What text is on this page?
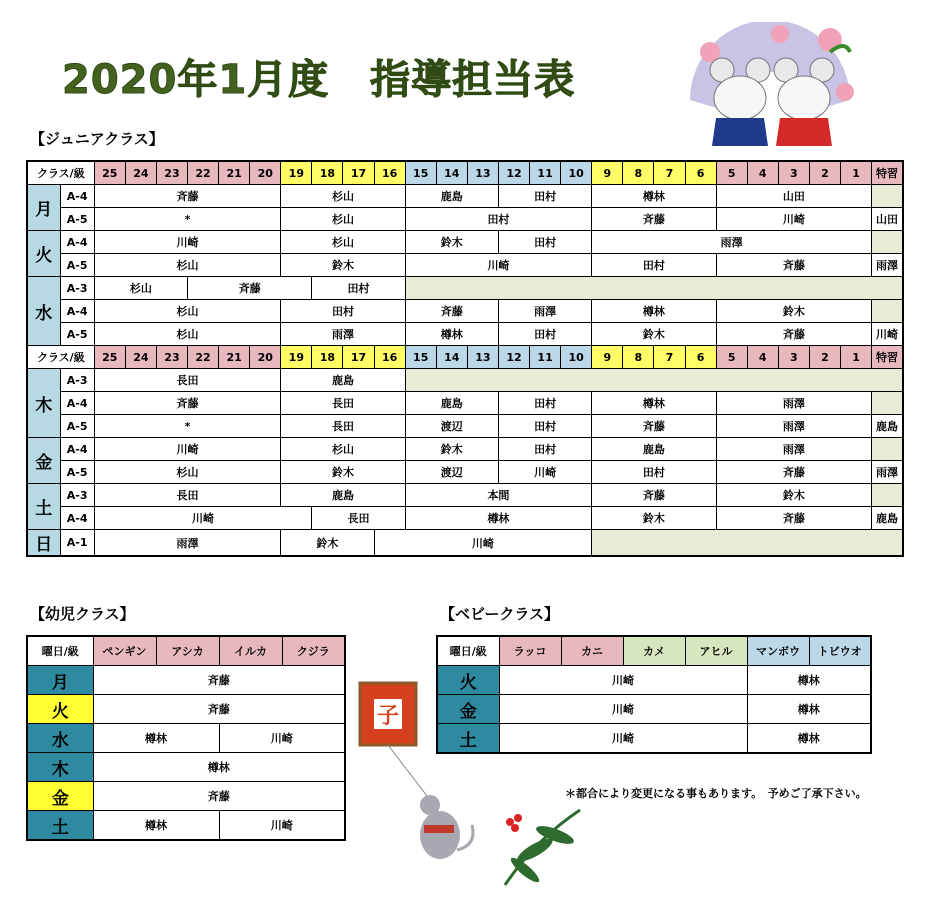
2020年1月度　指導担当表
【ジュニアクラス】
クラス/級		25	24	23	22	21	20	19	18	17	16	15	14	13	12	11	10	9	8	7	6	5	4	3	2	1	特習
月	A-4	斉藤						杉山				鹿島			田村			樽林				山田					
	A-5	*						杉山				田村						斉藤				川崎					山田
火	A-4	川崎						杉山				鈴木			田村			雨澤									
	A-5	杉山						鈴木				川崎						田村				斉藤					雨澤
水	A-3	杉山			斉藤				田村																		
	A-4	杉山						田村				斉藤			雨澤			樽林				鈴木					
	A-5	杉山						雨澤				樽林			田村			鈴木				斉藤					川崎
クラス/級		25	24	23	22	21	20	19	18	17	16	15	14	13	12	11	10	9	8	7	6	5	4	3	2	1	特習
木	A-3	長田						鹿島																			
	A-4	斉藤						長田				鹿島			田村			樽林				雨澤					
	A-5	*						長田				渡辺			田村			斉藤				雨澤					鹿島
金	A-4	川崎						杉山				鈴木			田村			鹿島				雨澤					
	A-5	杉山						鈴木				渡辺			川崎			田村				斉藤					雨澤
土	A-3	長田						鹿島				本間						斉藤				鈴木					
	A-4	川崎							長田			樽林						鈴木				斉藤					鹿島
日	A-1	雨澤						鈴木			川崎																
【幼児クラス】
曜日/級	ペンギン	アシカ	イルカ	クジラ
月	斉藤			
火	斉藤			
水	樽林		川崎	
木	樽林			
金	斉藤			
土	樽林		川崎	
【ベビークラス】
曜日/級	ラッコ	カニ	カメ	アヒル	マンボウ	トビウオ
火	川崎				樽林	
金	川崎				樽林	
土	川崎				樽林	
＊都合により変更になる事もあります。　予めご了承下さい。
子
